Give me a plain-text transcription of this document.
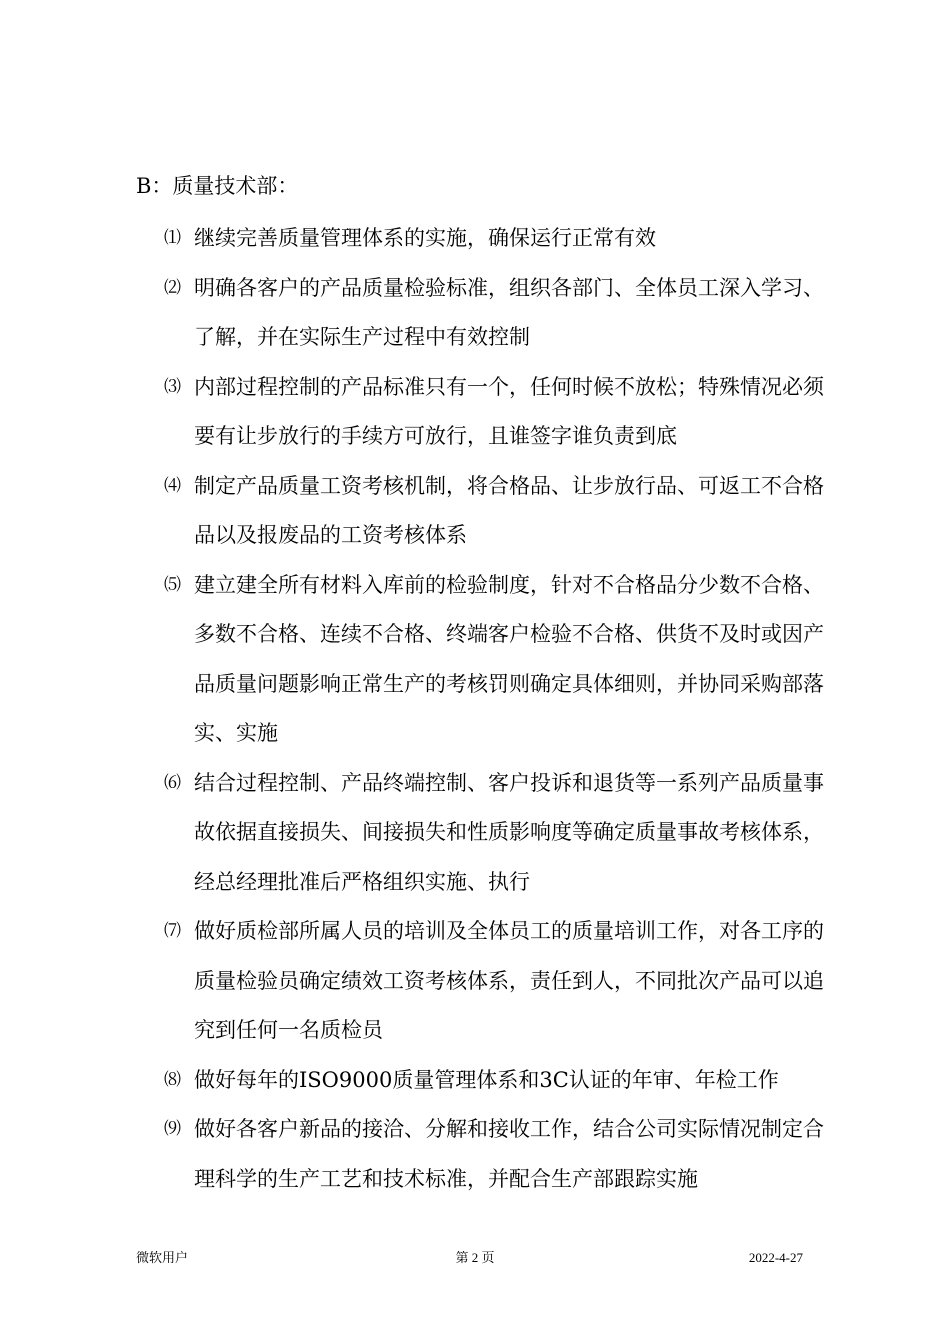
B：质量技术部：
⑴ 继续完善质量管理体系的实施，确保运行正常有效
⑵ 明确各客户的产品质量检验标准，组织各部门、全体员工深入学习、了解，并在实际生产过程中有效控制
⑶ 内部过程控制的产品标准只有一个，任何时候不放松；特殊情况必须要有让步放行的手续方可放行，且谁签字谁负责到底
⑷ 制定产品质量工资考核机制，将合格品、让步放行品、可返工不合格品以及报废品的工资考核体系
⑸ 建立建全所有材料入库前的检验制度，针对不合格品分少数不合格、多数不合格、连续不合格、终端客户检验不合格、供货不及时或因产品质量问题影响正常生产的考核罚则确定具体细则，并协同采购部落实、实施
⑹ 结合过程控制、产品终端控制、客户投诉和退货等一系列产品质量事故依据直接损失、间接损失和性质影响度等确定质量事故考核体系，经总经理批准后严格组织实施、执行
⑺ 做好质检部所属人员的培训及全体员工的质量培训工作，对各工序的质量检验员确定绩效工资考核体系，责任到人，不同批次产品可以追究到任何一名质检员
⑻ 做好每年的ISO9000质量管理体系和3C认证的年审、年检工作
⑼ 做好各客户新品的接洽、分解和接收工作，结合公司实际情况制定合理科学的生产工艺和技术标准，并配合生产部跟踪实施
微软用户	第 2 页	2022-4-27
